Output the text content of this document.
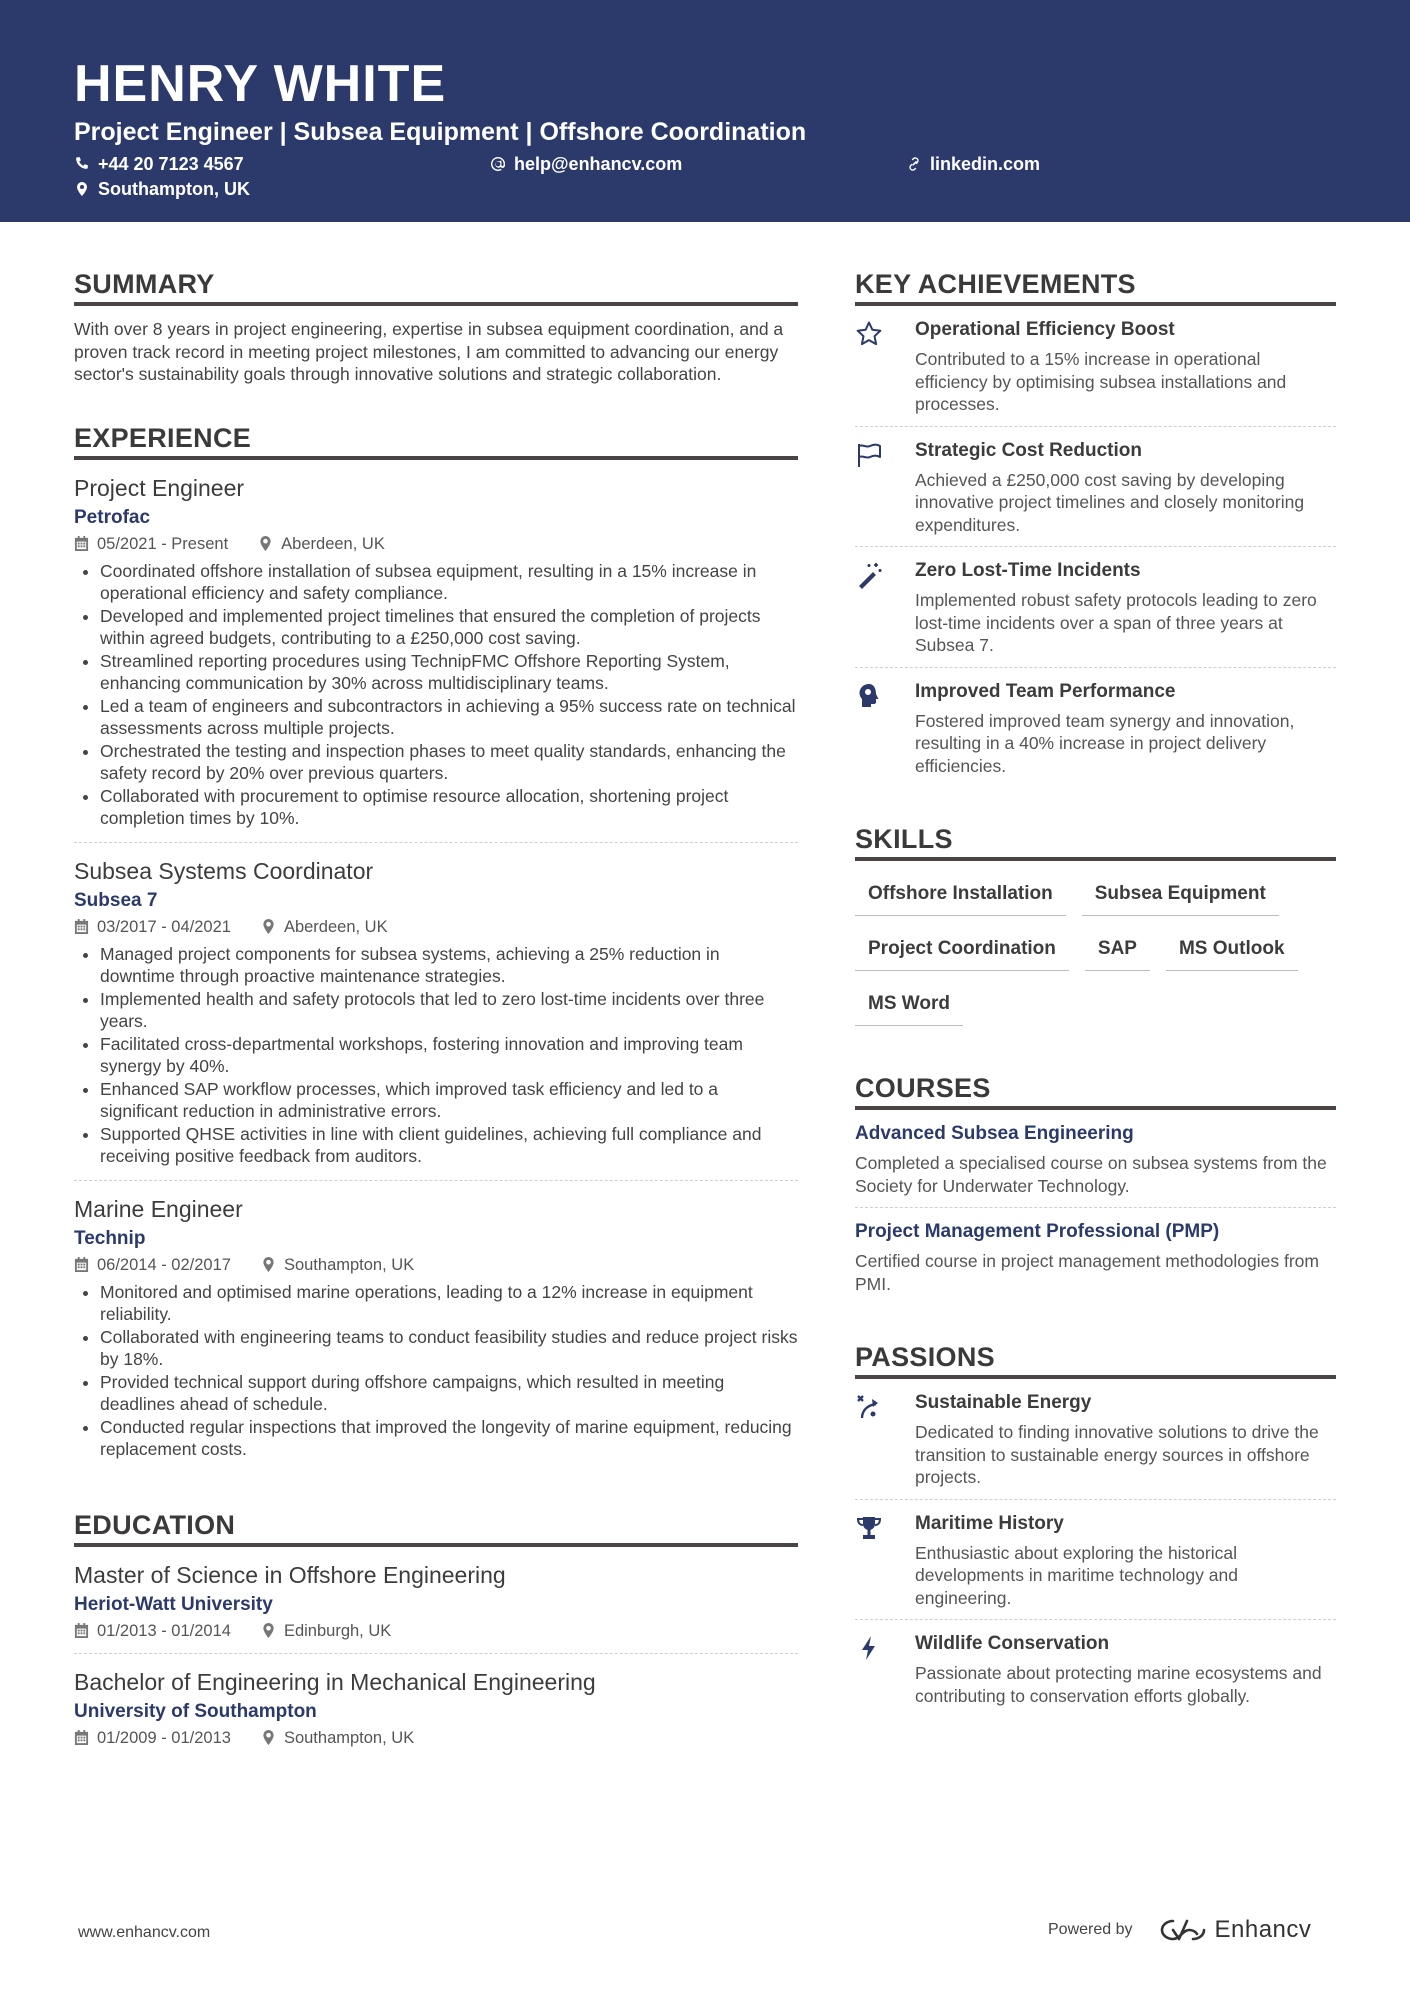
HENRY WHITE
Project Engineer | Subsea Equipment | Offshore Coordination
+44 20 7123 4567	help@enhancv.com	linkedin.com
Southampton, UK
SUMMARY
With over 8 years in project engineering, expertise in subsea equipment coordination, and a proven track record in meeting project milestones, I am committed to advancing our energy sector's sustainability goals through innovative solutions and strategic collaboration.
EXPERIENCE
Project Engineer
Petrofac
05/2021 - Present	Aberdeen, UK
• Coordinated offshore installation of subsea equipment, resulting in a 15% increase in operational efficiency and safety compliance.
• Developed and implemented project timelines that ensured the completion of projects within agreed budgets, contributing to a £250,000 cost saving.
• Streamlined reporting procedures using TechnipFMC Offshore Reporting System, enhancing communication by 30% across multidisciplinary teams.
• Led a team of engineers and subcontractors in achieving a 95% success rate on technical assessments across multiple projects.
• Orchestrated the testing and inspection phases to meet quality standards, enhancing the safety record by 20% over previous quarters.
• Collaborated with procurement to optimise resource allocation, shortening project completion times by 10%.
Subsea Systems Coordinator
Subsea 7
03/2017 - 04/2021	Aberdeen, UK
• Managed project components for subsea systems, achieving a 25% reduction in downtime through proactive maintenance strategies.
• Implemented health and safety protocols that led to zero lost-time incidents over three years.
• Facilitated cross-departmental workshops, fostering innovation and improving team synergy by 40%.
• Enhanced SAP workflow processes, which improved task efficiency and led to a significant reduction in administrative errors.
• Supported QHSE activities in line with client guidelines, achieving full compliance and receiving positive feedback from auditors.
Marine Engineer
Technip
06/2014 - 02/2017	Southampton, UK
• Monitored and optimised marine operations, leading to a 12% increase in equipment reliability.
• Collaborated with engineering teams to conduct feasibility studies and reduce project risks by 18%.
• Provided technical support during offshore campaigns, which resulted in meeting deadlines ahead of schedule.
• Conducted regular inspections that improved the longevity of marine equipment, reducing replacement costs.
EDUCATION
Master of Science in Offshore Engineering
Heriot-Watt University
01/2013 - 01/2014	Edinburgh, UK
Bachelor of Engineering in Mechanical Engineering
University of Southampton
01/2009 - 01/2013	Southampton, UK
KEY ACHIEVEMENTS
Operational Efficiency Boost
Contributed to a 15% increase in operational efficiency by optimising subsea installations and processes.
Strategic Cost Reduction
Achieved a £250,000 cost saving by developing innovative project timelines and closely monitoring expenditures.
Zero Lost-Time Incidents
Implemented robust safety protocols leading to zero lost-time incidents over a span of three years at Subsea 7.
Improved Team Performance
Fostered improved team synergy and innovation, resulting in a 40% increase in project delivery efficiencies.
SKILLS
Offshore Installation	Subsea Equipment
Project Coordination	SAP	MS Outlook
MS Word
COURSES
Advanced Subsea Engineering
Completed a specialised course on subsea systems from the Society for Underwater Technology.
Project Management Professional (PMP)
Certified course in project management methodologies from PMI.
PASSIONS
Sustainable Energy
Dedicated to finding innovative solutions to drive the transition to sustainable energy sources in offshore projects.
Maritime History
Enthusiastic about exploring the historical developments in maritime technology and engineering.
Wildlife Conservation
Passionate about protecting marine ecosystems and contributing to conservation efforts globally.
www.enhancv.com	Powered by	Enhancv
